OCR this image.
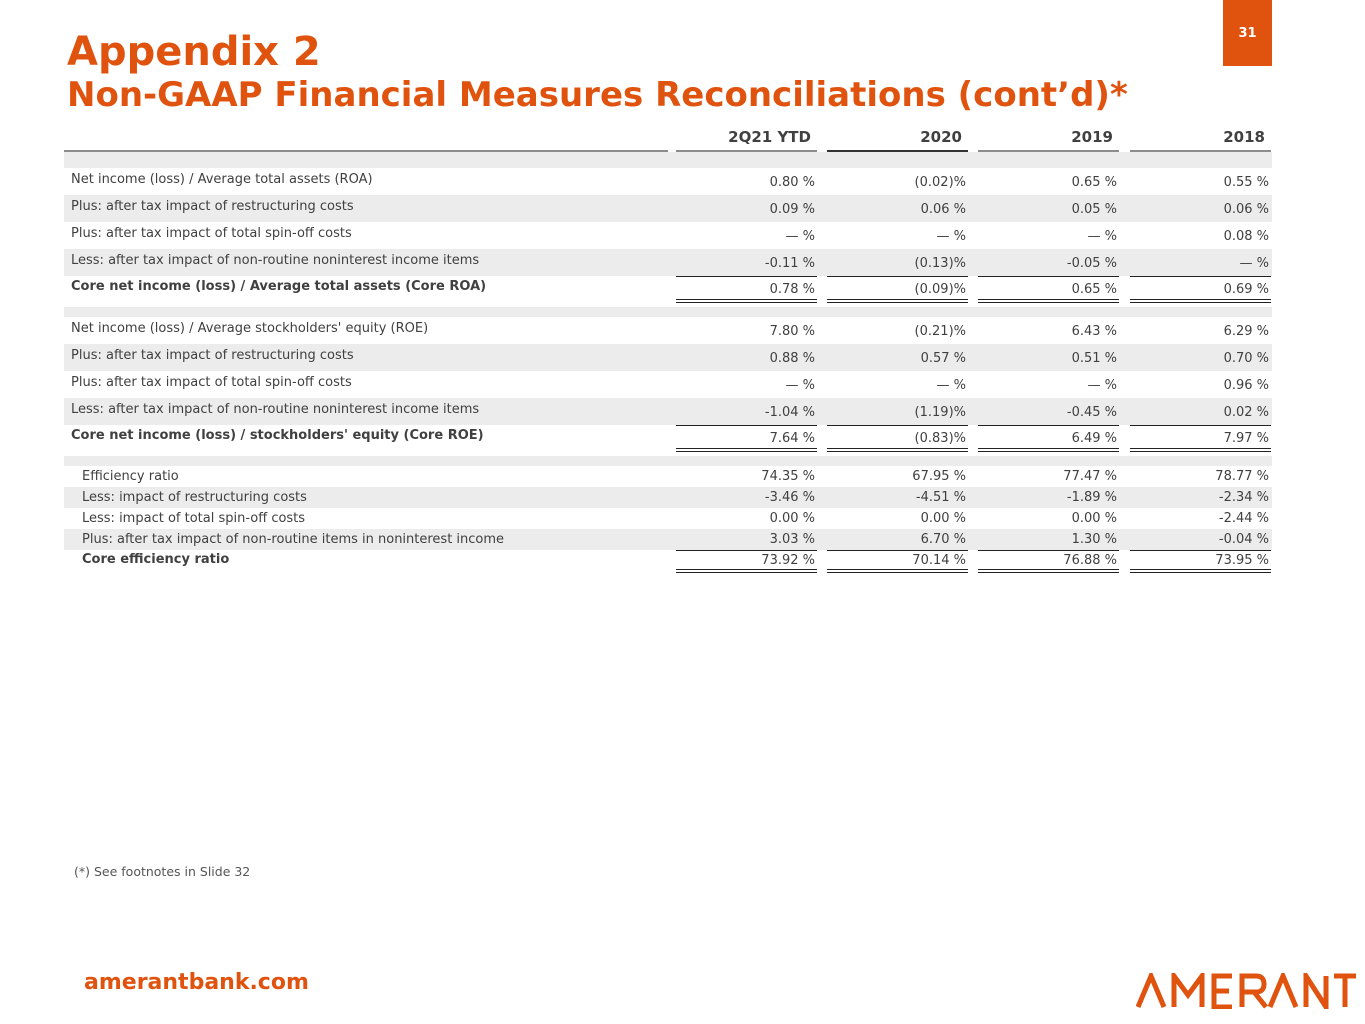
31
Appendix 2
Non-GAAP Financial Measures Reconciliations (cont’d)*
2Q21 YTD	2020	2019	2018
Net income (loss) / Average total assets (ROA)	0.80 %	(0.02)%	0.65 %	0.55 %
Plus: after tax impact of restructuring costs	0.09 %	0.06 %	0.05 %	0.06 %
Plus: after tax impact of total spin-off costs	— %	— %	— %	0.08 %
Less: after tax impact of non-routine noninterest income items	-0.11 %	(0.13)%	-0.05 %	— %
Core net income (loss) / Average total assets (Core ROA)	0.78 %	(0.09)%	0.65 %	0.69 %
Net income (loss) / Average stockholders' equity (ROE)	7.80 %	(0.21)%	6.43 %	6.29 %
Plus: after tax impact of restructuring costs	0.88 %	0.57 %	0.51 %	0.70 %
Plus: after tax impact of total spin-off costs	— %	— %	— %	0.96 %
Less: after tax impact of non-routine noninterest income items	-1.04 %	(1.19)%	-0.45 %	0.02 %
Core net income (loss) / stockholders' equity (Core ROE)	7.64 %	(0.83)%	6.49 %	7.97 %
Efficiency ratio	74.35 %	67.95 %	77.47 %	78.77 %
Less: impact of restructuring costs	-3.46 %	-4.51 %	-1.89 %	-2.34 %
Less: impact of total spin-off costs	0.00 %	0.00 %	0.00 %	-2.44 %
Plus: after tax impact of non-routine items in noninterest income	3.03 %	6.70 %	1.30 %	-0.04 %
Core efficiency ratio	73.92 %	70.14 %	76.88 %	73.95 %
(*) See footnotes in Slide 32
amerantbank.com
